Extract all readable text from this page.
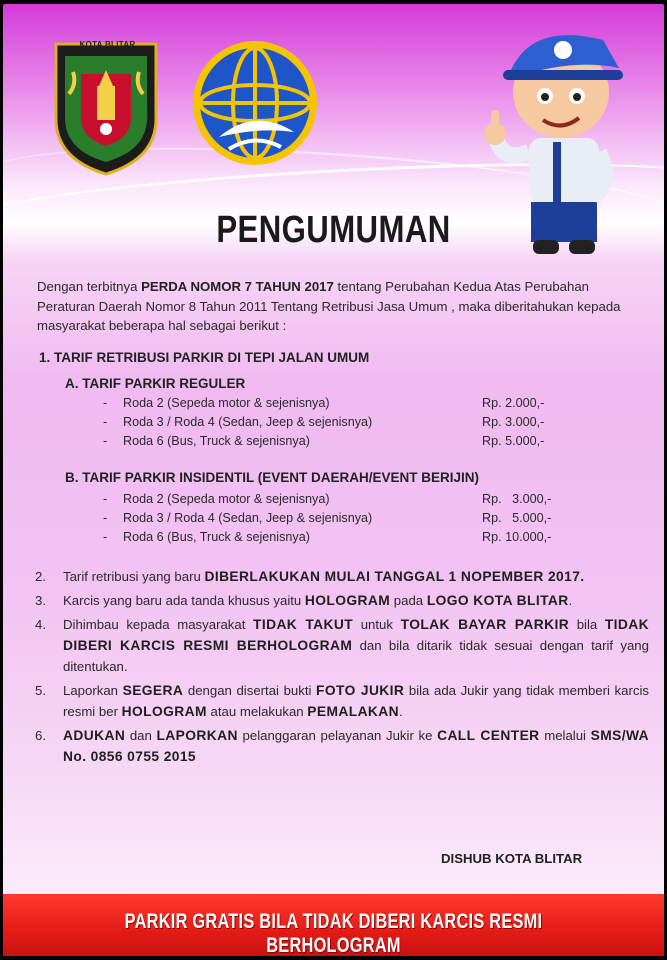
KOTA BLITAR
PENGUMUMAN
Dengan terbitnya PERDA NOMOR 7 TAHUN 2017 tentang Perubahan Kedua Atas Perubahan Peraturan Daerah Nomor 8 Tahun 2011 Tentang Retribusi Jasa Umum , maka diberitahukan kepada masyarakat beberapa hal sebagai berikut :
1. TARIF RETRIBUSI PARKIR DI TEPI JALAN UMUM
A. TARIF PARKIR REGULER
- Roda 2 (Sepeda motor & sejenisnya)	Rp. 2.000,-
- Roda 3 / Roda 4 (Sedan, Jeep & sejenisnya)	Rp. 3.000,-
- Roda 6 (Bus, Truck & sejenisnya)	Rp. 5.000,-
B. TARIF PARKIR INSIDENTIL (EVENT DAERAH/EVENT BERIJIN)
- Roda 2 (Sepeda motor & sejenisnya)	Rp.   3.000,-
- Roda 3 / Roda 4 (Sedan, Jeep & sejenisnya)	Rp.   5.000,-
- Roda 6 (Bus, Truck & sejenisnya)	Rp. 10.000,-
2. Tarif retribusi yang baru DIBERLAKUKAN MULAI TANGGAL 1 NOPEMBER 2017.
3. Karcis yang baru ada tanda khusus yaitu HOLOGRAM pada LOGO KOTA BLITAR.
4. Dihimbau kepada masyarakat TIDAK TAKUT untuk TOLAK BAYAR PARKIR bila TIDAK DIBERI KARCIS RESMI BERHOLOGRAM dan bila ditarik tidak sesuai dengan tarif yang ditentukan.
5. Laporkan SEGERA dengan disertai bukti FOTO JUKIR bila ada Jukir yang tidak memberi karcis resmi ber HOLOGRAM atau melakukan PEMALAKAN.
6. ADUKAN dan LAPORKAN pelanggaran pelayanan Jukir ke CALL CENTER melalui SMS/WA No. 0856 0755 2015
DISHUB KOTA BLITAR
PARKIR GRATIS BILA TIDAK DIBERI KARCIS RESMI BERHOLOGRAM
